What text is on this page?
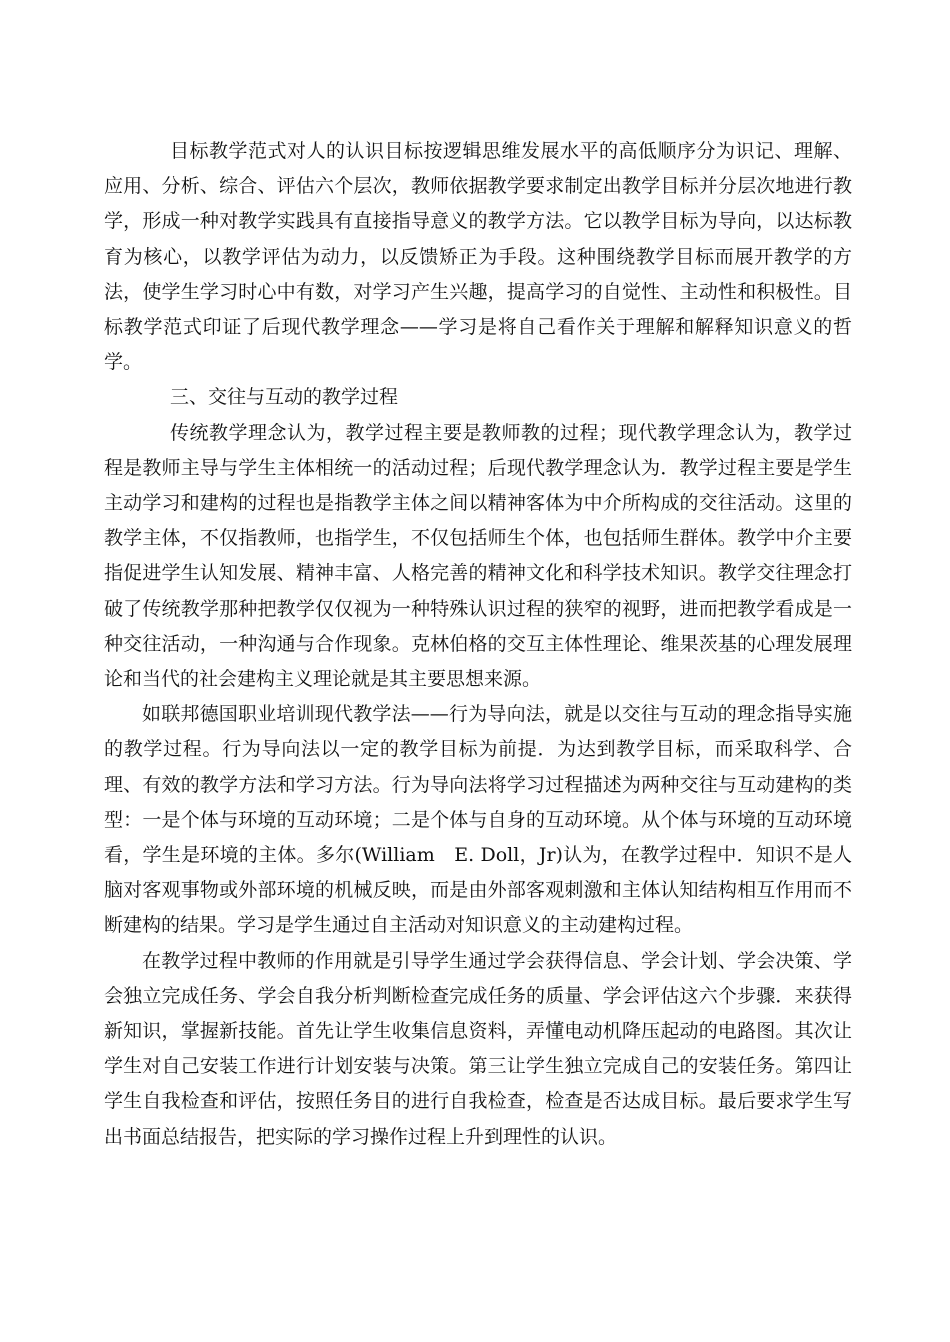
目标教学范式对人的认识目标按逻辑思维发展水平的高低顺序分为识记、理解、应用、分析、综合、评估六个层次，教师依据教学要求制定出教学目标并分层次地进行教学，形成一种对教学实践具有直接指导意义的教学方法。它以教学目标为导向，以达标教育为核心，以教学评估为动力，以反馈矫正为手段。这种围绕教学目标而展开教学的方法，使学生学习时心中有数，对学习产生兴趣，提高学习的自觉性、主动性和积极性。目标教学范式印证了后现代教学理念——学习是将自己看作关于理解和解释知识意义的哲学。

三、交往与互动的教学过程

传统教学理念认为，教学过程主要是教师教的过程；现代教学理念认为，教学过程是教师主导与学生主体相统一的活动过程；后现代教学理念认为．教学过程主要是学生主动学习和建构的过程也是指教学主体之间以精神客体为中介所构成的交往活动。这里的教学主体，不仅指教师，也指学生，不仅包括师生个体，也包括师生群体。教学中介主要指促进学生认知发展、精神丰富、人格完善的精神文化和科学技术知识。教学交往理念打破了传统教学那种把教学仅仅视为一种特殊认识过程的狭窄的视野，进而把教学看成是一种交往活动，一种沟通与合作现象。克林伯格的交互主体性理论、维果茨基的心理发展理论和当代的社会建构主义理论就是其主要思想来源。

如联邦德国职业培训现代教学法——行为导向法，就是以交往与互动的理念指导实施的教学过程。行为导向法以一定的教学目标为前提．为达到教学目标，而采取科学、合理、有效的教学方法和学习方法。行为导向法将学习过程描述为两种交往与互动建构的类型：一是个体与环境的互动环境；二是个体与自身的互动环境。从个体与环境的互动环境看，学生是环境的主体。多尔(William　E. Doll，Jr)认为，在教学过程中．知识不是人脑对客观事物或外部环境的机械反映，而是由外部客观刺激和主体认知结构相互作用而不断建构的结果。学习是学生通过自主活动对知识意义的主动建构过程。

在教学过程中教师的作用就是引导学生通过学会获得信息、学会计划、学会决策、学会独立完成任务、学会自我分析判断检查完成任务的质量、学会评估这六个步骤．来获得新知识，掌握新技能。首先让学生收集信息资料，弄懂电动机降压起动的电路图。其次让学生对自己安装工作进行计划安装与决策。第三让学生独立完成自己的安装任务。第四让学生自我检查和评估，按照任务目的进行自我检查，检查是否达成目标。最后要求学生写出书面总结报告，把实际的学习操作过程上升到理性的认识。
